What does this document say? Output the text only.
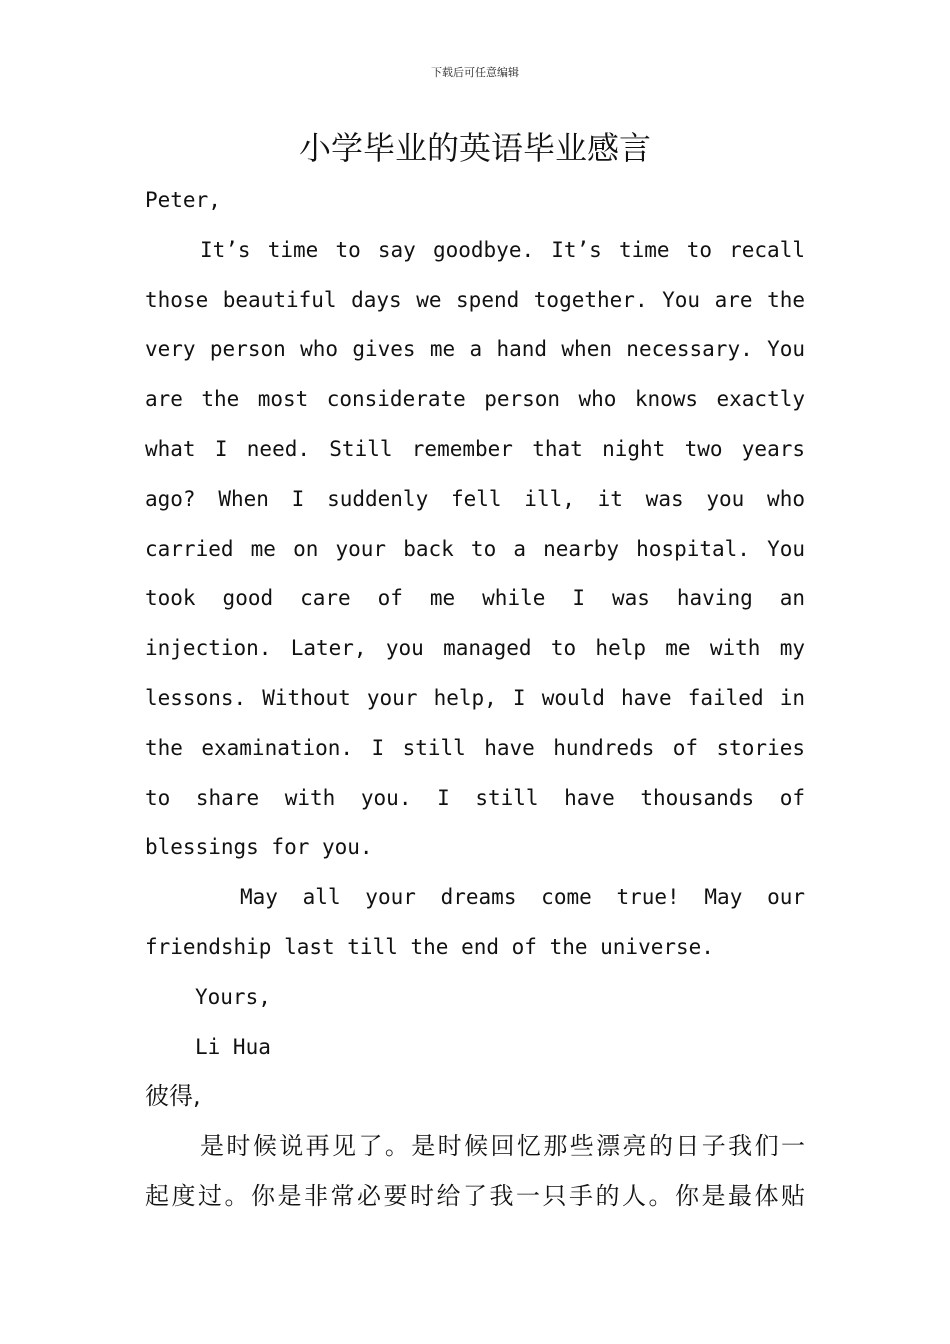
下载后可任意编辑
小学毕业的英语毕业感言

Peter,

It’s time to say goodbye. It’s time to recall

those beautiful days we spend together. You are the

very person who gives me a hand when necessary. You

are the most considerate person who knows exactly

what I need. Still remember that night two years

ago? When I suddenly fell ill, it was you who

carried me on your back to a nearby hospital. You

took good care of me while I was having an

injection. Later, you managed to help me with my

lessons. Without your help, I would have failed in

the examination. I still have hundreds of stories

to share with you. I still have thousands of

blessings for you.

May all your dreams come true! May our

friendship last till the end of the universe.

Yours,

Li Hua

彼得,

是时候说再见了。是时候回忆那些漂亮的日子我们一

起度过。你是非常必要时给了我一只手的人。你是最体贴
